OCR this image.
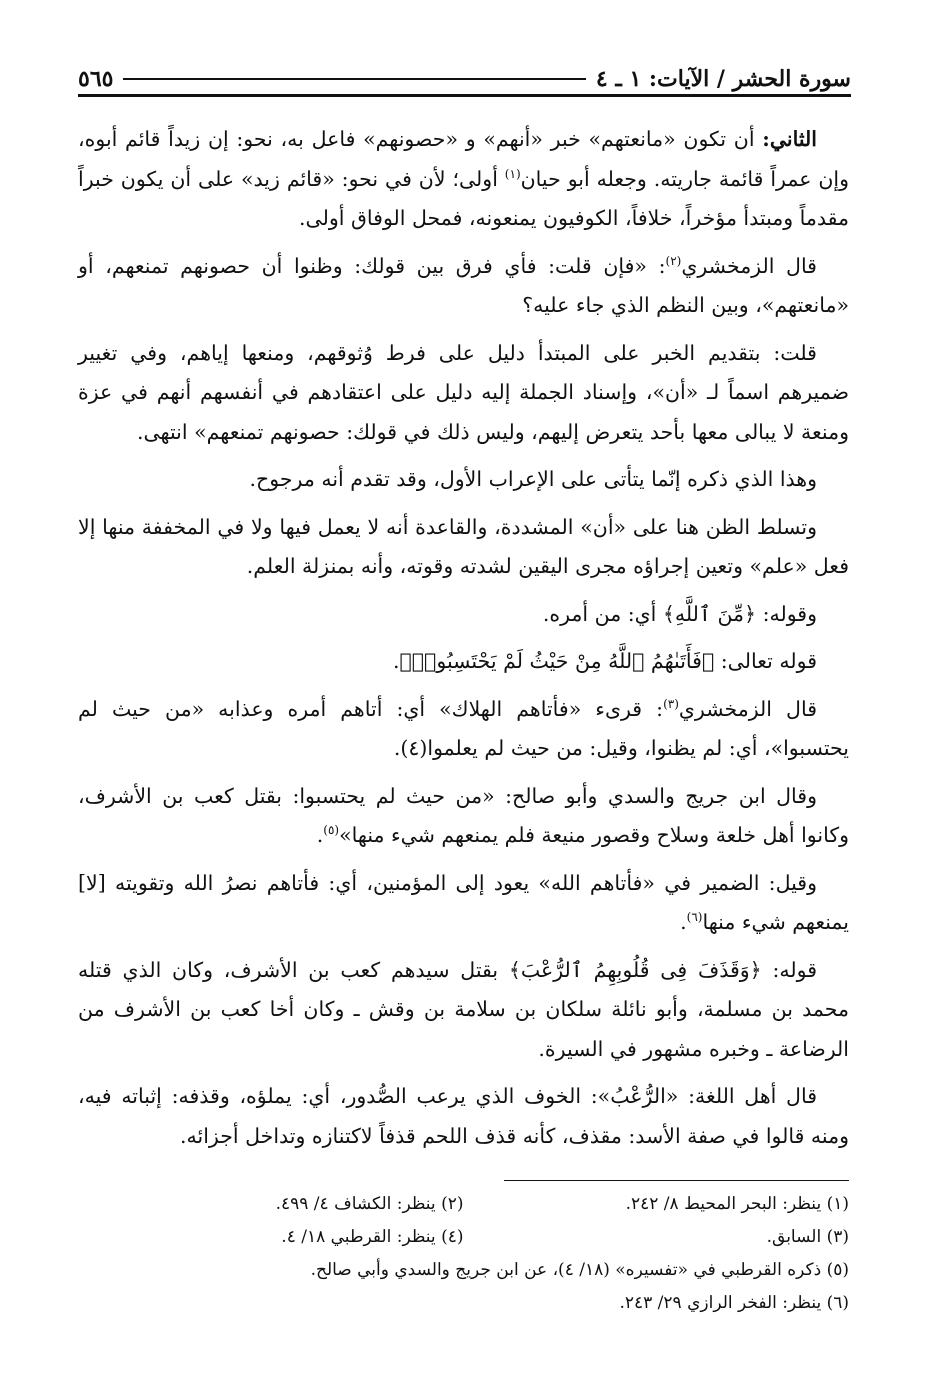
سورة الحشر / الآيات: ١ ـ ٤
٥٦٥

الثاني: أن تكون «مانعتهم» خبر «أنهم» و «حصونهم» فاعل به، نحو: إن زيداً قائم أبوه، وإن عمراً قائمة جاريته. وجعله أبو حيان$^{(١)}$ أولى؛ لأن في نحو: «قائم زيد» على أن يكون خبراً مقدماً ومبتدأ مؤخراً، خلافاً، الكوفيون يمنعونه، فمحل الوفاق أولى.

قال الزمخشري$^{(٢)}$: «فإن قلت: فأي فرق بين قولك: وظنوا أن حصونهم تمنعهم، أو «مانعتهم»، وبين النظم الذي جاء عليه؟

قلت: بتقديم الخبر على المبتدأ دليل على فرط وُثوقهم، ومنعها إياهم، وفي تغيير ضميرهم اسماً لـ «أن»، وإسناد الجملة إليه دليل على اعتقادهم في أنفسهم أنهم في عزة ومنعة لا يبالى معها بأحد يتعرض إليهم، وليس ذلك في قولك: حصونهم تمنعهم» انتهى.

وهذا الذي ذكره إنّما يتأتى على الإعراب الأول، وقد تقدم أنه مرجوح.

وتسلط الظن هنا على «أن» المشددة، والقاعدة أنه لا يعمل فيها ولا في المخففة منها إلا فعل «علم» وتعين إجراؤه مجرى اليقين لشدته وقوته، وأنه بمنزلة العلم.

وقوله: ﴿مِّنَ ٱللَّهِ﴾ أي: من أمره.

قوله تعالى: ﴿فَأَتَىٰهُمُ ٱللَّهُ مِنْ حَيْثُ لَمْ يَحْتَسِبُوا۟﴾.

قال الزمخشري$^{(٣)}$: قرىء «فأتاهم الهلاك» أي: أتاهم أمره وعذابه «من حيث لم يحتسبوا»، أي: لم يظنوا، وقيل: من حيث لم يعلموا(٤).

وقال ابن جريج والسدي وأبو صالح: «من حيث لم يحتسبوا: بقتل كعب بن الأشرف، وكانوا أهل خلعة وسلاح وقصور منيعة فلم يمنعهم شيء منها»$^{(٥)}$.

وقيل: الضمير في «فأتاهم الله» يعود إلى المؤمنين، أي: فأتاهم نصرُ الله وتقويته [لا] يمنعهم شيء منها$^{(٦)}$.

قوله: ﴿وَقَذَفَ فِى قُلُوبِهِمُ ٱلرُّعْبَ﴾ بقتل سيدهم كعب بن الأشرف، وكان الذي قتله محمد بن مسلمة، وأبو نائلة سلكان بن سلامة بن وقش ـ وكان أخا كعب بن الأشرف من الرضاعة ـ وخبره مشهور في السيرة.

قال أهل اللغة: «الرُّعْبُ»: الخوف الذي يرعب الصُّدور، أي: يملؤه، وقذفه: إثباته فيه، ومنه قالوا في صفة الأسد: مقذف، كأنه قذف اللحم قذفاً لاكتنازه وتداخل أجزائه.

(١) ينظر: البحر المحيط ٨/ ٢٤٢.
(٢) ينظر: الكشاف ٤/ ٤٩٩.
(٣) السابق.
(٤) ينظر: القرطبي ١٨/ ٤.
(٥) ذكره القرطبي في «تفسيره» (١٨/ ٤)، عن ابن جريج والسدي وأبي صالح.
(٦) ينظر: الفخر الرازي ٢٩/ ٢٤٣.
